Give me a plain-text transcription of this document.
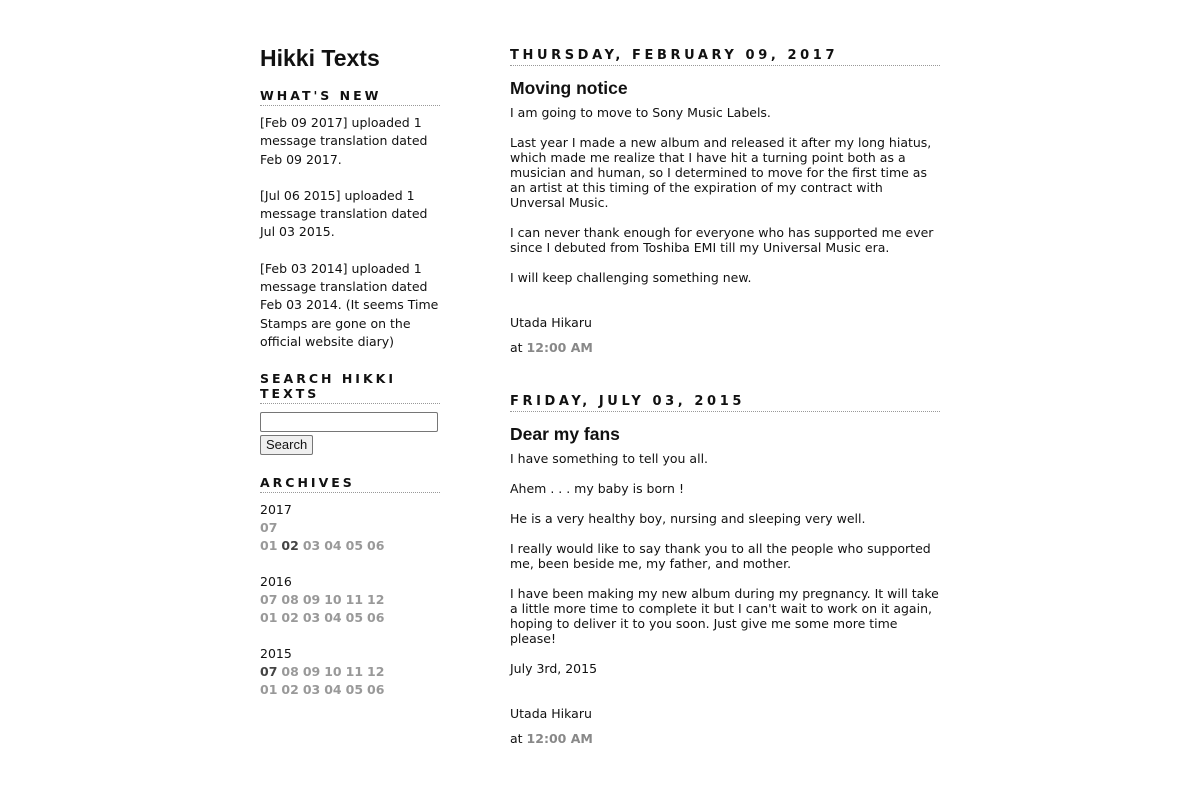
Hikki Texts
WHAT'S NEW

[Feb 09 2017] uploaded 1 message translation dated Feb 09 2017.

[Jul 06 2015] uploaded 1 message translation dated Jul 03 2015.

[Feb 03 2014] uploaded 1 message translation dated Feb 03 2014. (It seems Time Stamps are gone on the official website diary)

SEARCH HIKKI TEXTS
Search
ARCHIVES
2017
07
01 02 03 04 05 06
2016
07 08 09 10 11 12
01 02 03 04 05 06
2015
07 08 09 10 11 12
01 02 03 04 05 06
THURSDAY, FEBRUARY 09, 2017
Moving notice

I am going to move to Sony Music Labels.

Last year I made a new album and released it after my long hiatus, which made me realize that I have hit a turning point both as a musician and human, so I determined to move for the first time as an artist at this timing of the expiration of my contract with Unversal Music.

I can never thank enough for everyone who has supported me ever since I debuted from Toshiba EMI till my Universal Music era.

I will keep challenging something new.

Utada Hikaru

at 12:00 AM

FRIDAY, JULY 03, 2015
Dear my fans

I have something to tell you all.

Ahem . . . my baby is born !

He is a very healthy boy, nursing and sleeping very well.

I really would like to say thank you to all the people who supported me, been beside me, my father, and mother.

I have been making my new album during my pregnancy. It will take a little more time to complete it but I can't wait to work on it again, hoping to deliver it to you soon. Just give me some more time please!

July 3rd, 2015

Utada Hikaru

at 12:00 AM
